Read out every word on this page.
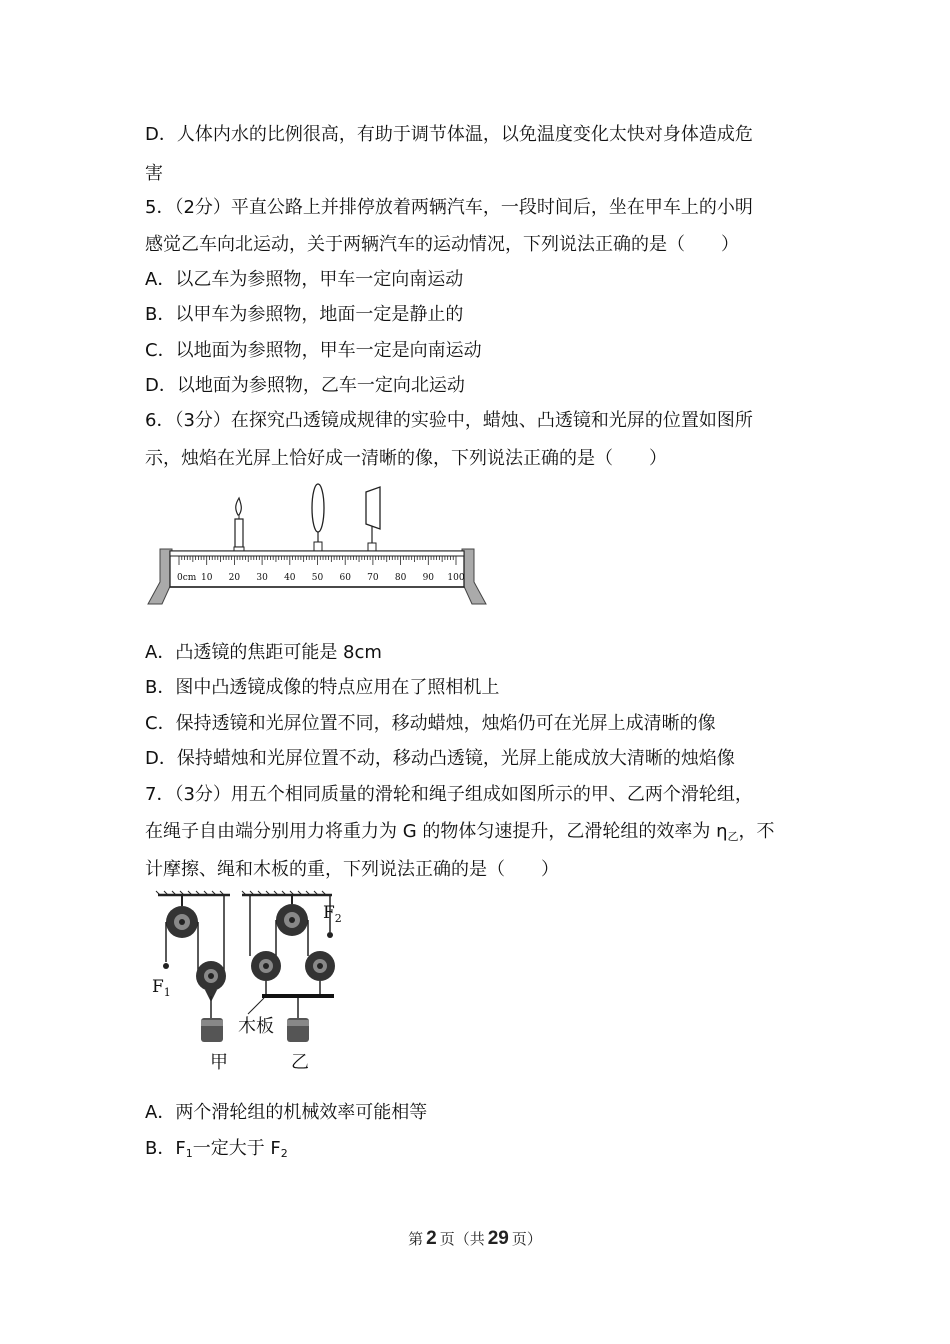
D．人体内水的比例很高，有助于调节体温，以免温度变化太快对身体造成危
害
5．（2分）平直公路上并排停放着两辆汽车，一段时间后，坐在甲车上的小明
感觉乙车向北运动，关于两辆汽车的运动情况，下列说法正确的是（　　）
A．以乙车为参照物，甲车一定向南运动
B．以甲车为参照物，地面一定是静止的
C．以地面为参照物，甲车一定是向南运动
D．以地面为参照物，乙车一定向北运动
6．（3分）在探究凸透镜成规律的实验中，蜡烛、凸透镜和光屏的位置如图所
示，烛焰在光屏上恰好成一清晰的像，下列说法正确的是（　　）
0cm 10 20 30 40 50 60 70 80 90 100
A．凸透镜的焦距可能是 8cm
B．图中凸透镜成像的特点应用在了照相机上
C．保持透镜和光屏位置不同，移动蜡烛，烛焰仍可在光屏上成清晰的像
D．保持蜡烛和光屏位置不动，移动凸透镜，光屏上能成放大清晰的烛焰像
7．（3分）用五个相同质量的滑轮和绳子组成如图所示的甲、乙两个滑轮组，
在绳子自由端分别用力将重力为 G 的物体匀速提升，乙滑轮组的效率为 $\eta_乙$，不
计摩擦、绳和木板的重，下列说法正确的是（　　）
$F_1$
$F_2$
木板
甲	乙
A．两个滑轮组的机械效率可能相等
B．$F_1$一定大于 $F_2$
第 2 页（共 29 页）
